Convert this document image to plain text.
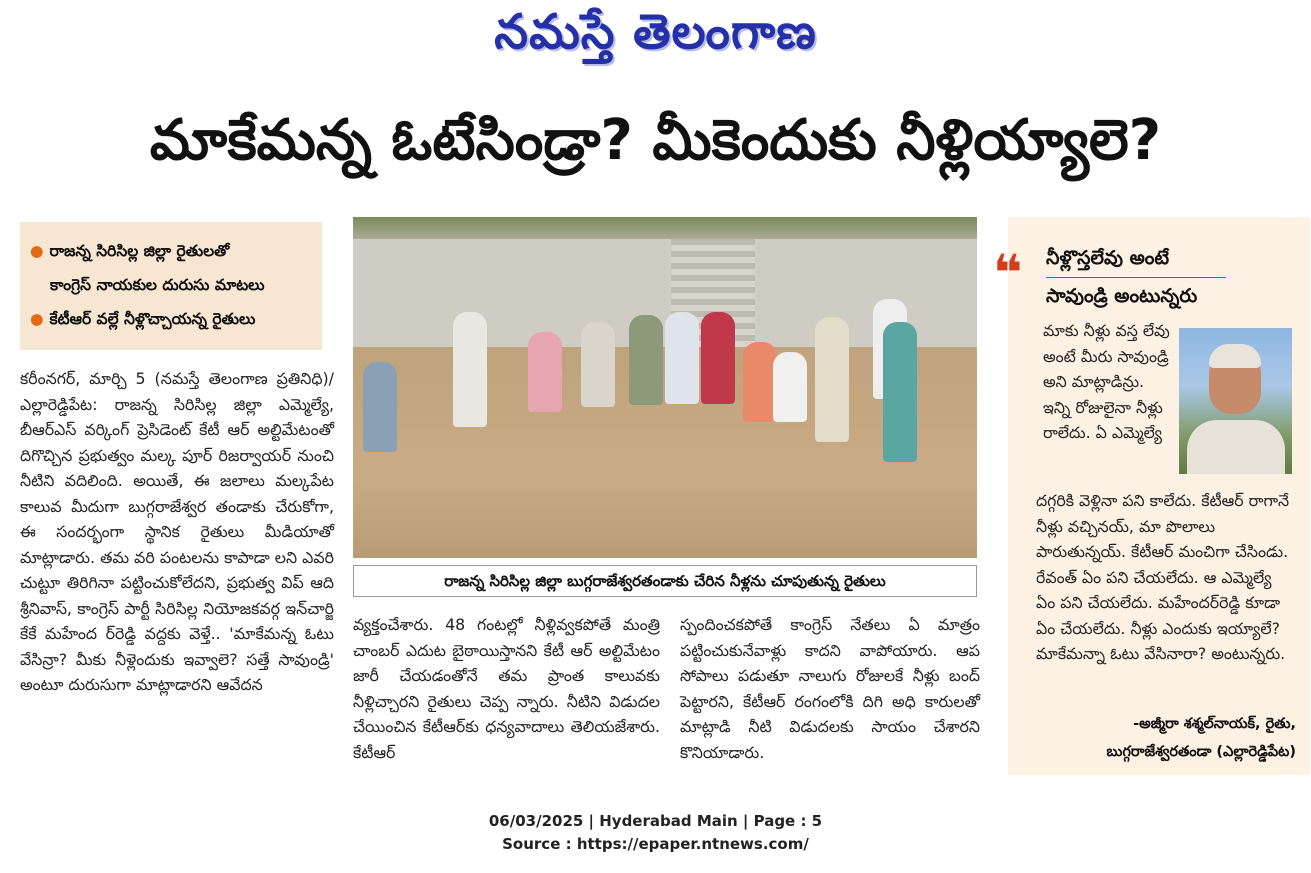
నమస్తే తెలంగాణ
మాకేమన్న ఓటేసిండ్రా? మీకెందుకు నీళ్లియ్యాలె?
● రాజన్న సిరిసిల్ల జిల్లా రైతులతో
కాంగ్రెస్ నాయకుల దురుసు మాటలు
● కేటీఆర్ వల్లే నీళ్లొచ్చాయన్న రైతులు
కరీంనగర్, మార్చి 5 (నమస్తే తెలంగాణ ప్రతినిధి)/ఎల్లారెడ్డిపేట: రాజన్న సిరిసిల్ల జిల్లా ఎమ్మెల్యే, బీఆర్ఎస్ వర్కింగ్ ప్రెసిడెంట్ కేటీ ఆర్ అల్టిమేటంతో దిగొచ్చిన ప్రభుత్వం మల్క పూర్ రిజర్వాయర్ నుంచి నీటిని వదిలింది. అయితే, ఈ జలాలు మల్కపేట కాలువ మీదుగా బుగ్గరాజేశ్వర తండాకు చేరుకోగా, ఈ సందర్భంగా స్థానిక రైతులు మీడియాతో మాట్లాడారు. తమ వరి పంటలను కాపాడా లని ఎవరి చుట్టూ తిరిగినా పట్టించుకోలేదని, ప్రభుత్వ విప్ ఆది శ్రీనివాస్, కాంగ్రెస్ పార్టీ సిరిసిల్ల నియోజకవర్గ ఇన్‌చార్జి కేకే మహేంద ర్‌రెడ్డి వద్దకు వెళ్తే.. 'మాకేమన్న ఓటు వేసిన్రా? మీకు నీళ్లెందుకు ఇవ్వాలె? సత్తే సావుండ్రి' అంటూ దురుసుగా మాట్లాడారని ఆవేదన
రాజన్న సిరిసిల్ల జిల్లా బుగ్గరాజేశ్వరతండాకు చేరిన నీళ్లను చూపుతున్న రైతులు
వ్యక్తంచేశారు. 48 గంటల్లో నీళ్లివ్వకపోతే మంత్రి చాంబర్ ఎదుట బైఠాయిస్తానని కేటీ ఆర్ అల్టిమేటం జారీ చేయడంతోనే తమ ప్రాంత కాలువకు నీళ్లిచ్చారని రైతులు చెప్ప న్నారు. నీటిని విడుదల చేయించిన కేటీఆర్‌కు ధన్యవాదాలు తెలియజేశారు. కేటీఆర్
స్పందించకపోతే కాంగ్రెస్ నేతలు ఏ మాత్రం పట్టించుకునేవాళ్లు కాదని వాపోయారు. ఆప సోపాలు పడుతూ నాలుగు రోజులకే నీళ్లు బంద్ పెట్టారని, కేటీఆర్ రంగంలోకి దిగి అధి కారులతో మాట్లాడి నీటి విడుదలకు సాయం చేశారని కొనియాడారు.
❝ నీళ్లొస్తలేవు అంటే
సావుండ్రి అంటున్నరు
మాకు నీళ్లు వస్త లేవు అంటే మీరు సావుండ్రి అని మాట్లాడిన్రు. ఇన్ని రోజులైనా నీళ్లు రాలేదు. ఏ ఎమ్మెల్యే
దగ్గరికి వెళ్లినా పని కాలేదు. కేటీఆర్ రాగానే నీళ్లు వచ్చినయ్, మా పొలాలు పారుతున్నయ్. కేటీఆర్ మంచిగా చేసిండు. రేవంత్ ఏం పని చేయలేదు. ఆ ఎమ్మెల్యే ఏం పని చేయలేదు. మహేందర్‌రెడ్డి కూడా ఏం చేయలేదు. నీళ్లు ఎందుకు ఇయ్యాలే? మాకేమన్నా ఓటు వేసినారా? అంటున్నరు.
-అజ్మీరా శశ్మల్‌నాయక్, రైతు,
బుగ్గరాజేశ్వరతండా (ఎల్లారెడ్డిపేట)
06/03/2025 | Hyderabad Main | Page : 5
Source : https://epaper.ntnews.com/
